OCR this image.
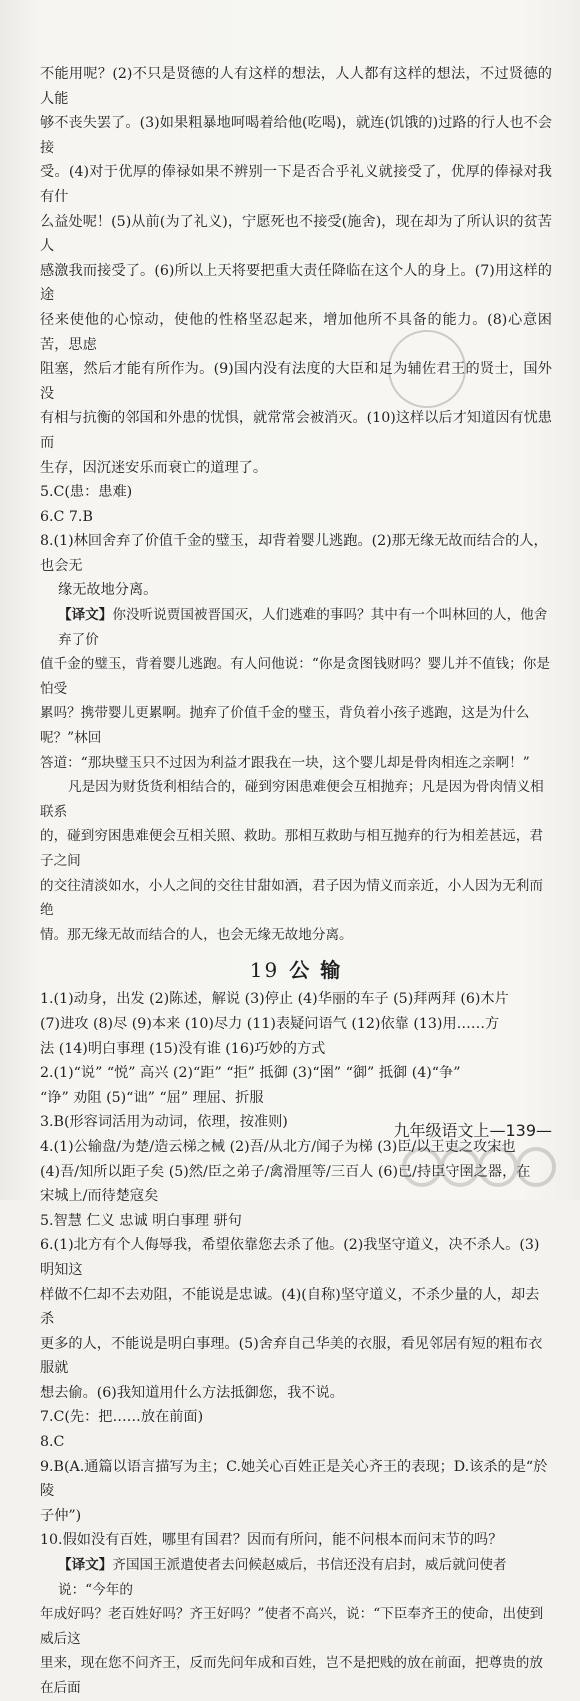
不能用呢？(2)不只是贤德的人有这样的想法，人人都有这样的想法，不过贤德的人能

够不丧失罢了。(3)如果粗暴地呵喝着给他(吃喝)，就连(饥饿的)过路的行人也不会接

受。(4)对于优厚的俸禄如果不辨别一下是否合乎礼义就接受了，优厚的俸禄对我有什

么益处呢！(5)从前(为了礼义)，宁愿死也不接受(施舍)，现在却为了所认识的贫苦人

感激我而接受了。(6)所以上天将要把重大责任降临在这个人的身上。(7)用这样的途

径来使他的心惊动，使他的性格坚忍起来，增加他所不具备的能力。(8)心意困苦，思虑

阻塞，然后才能有所作为。(9)国内没有法度的大臣和足为辅佐君王的贤士，国外没

有相与抗衡的邻国和外患的忧惧，就常常会被消灭。(10)这样以后才知道因有忧患而

生存，因沉迷安乐而衰亡的道理了。

5.C(患：患难)

6.C 7.B

8.(1)林回舍弃了价值千金的璧玉，却背着婴儿逃跑。(2)那无缘无故而结合的人，也会无

缘无故地分离。

【译文】你没听说贾国被晋国灭，人们逃难的事吗？其中有一个叫林回的人，他舍弃了价

值千金的璧玉，背着婴儿逃跑。有人问他说：“你是贪图钱财吗？婴儿并不值钱；你是怕受

累吗？携带婴儿更累啊。抛弃了价值千金的璧玉，背负着小孩子逃跑，这是为什么呢？”林回

答道：“那块璧玉只不过因为利益才跟我在一块，这个婴儿却是骨肉相连之亲啊！”

凡是因为财货货利相结合的，碰到穷困患难便会互相抛弃；凡是因为骨肉情义相联系

的，碰到穷困患难便会互相关照、救助。那相互救助与相互抛弃的行为相差甚远，君子之间

的交往清淡如水，小人之间的交往甘甜如酒，君子因为情义而亲近，小人因为无利而绝

情。那无缘无故而结合的人，也会无缘无故地分离。

19 公 输

1.(1)动身，出发 (2)陈述，解说 (3)停止 (4)华丽的车子 (5)拜两拜 (6)木片

(7)进攻 (8)尽 (9)本来 (10)尽力 (11)表疑问语气 (12)依靠 (13)用……方

法 (14)明白事理 (15)没有谁 (16)巧妙的方式

2.(1)“说” “悦” 高兴 (2)“距” “拒” 抵御 (3)“圉” “御” 抵御 (4)“争”

“诤” 劝阻 (5)“诎” “屈” 理屈、折服

3.B(形容词活用为动词，依理，按准则)

4.(1)公输盘/为楚/造云梯之械 (2)吾/从北方/闻子为梯 (3)臣/以王吏之攻宋也

(4)吾/知所以距子矣 (5)然/臣之弟子/禽滑厘等/三百人 (6)已/持臣守圉之器，在

宋城上/而待楚寇矣

5.智慧 仁义 忠诚 明白事理 骈句

6.(1)北方有个人侮辱我，希望依靠您去杀了他。(2)我坚守道义，决不杀人。(3)明知这

样做不仁却不去劝阻，不能说是忠诚。(4)(自称)坚守道义，不杀少量的人，却去杀

更多的人，不能说是明白事理。(5)舍弃自己华美的衣服，看见邻居有短的粗布衣服就

想去偷。(6)我知道用什么方法抵御您，我不说。

7.C(先：把……放在前面)

8.C

9.B(A.通篇以语言描写为主；C.她关心百姓正是关心齐王的表现；D.该杀的是“於陵

子仲”)

10.假如没有百姓，哪里有国君？因而有所问，能不问根本而问末节的吗？

【译文】齐国国王派遣使者去问候赵威后，书信还没有启封，威后就问使者说：“今年的

年成好吗？老百姓好吗？齐王好吗？”使者不高兴，说：“下臣奉齐王的使命，出使到威后这

里来，现在您不问齐王，反而先问年成和百姓，岂不是把贱的放在前面，把尊贵的放在后面

九年级语文上—139—
